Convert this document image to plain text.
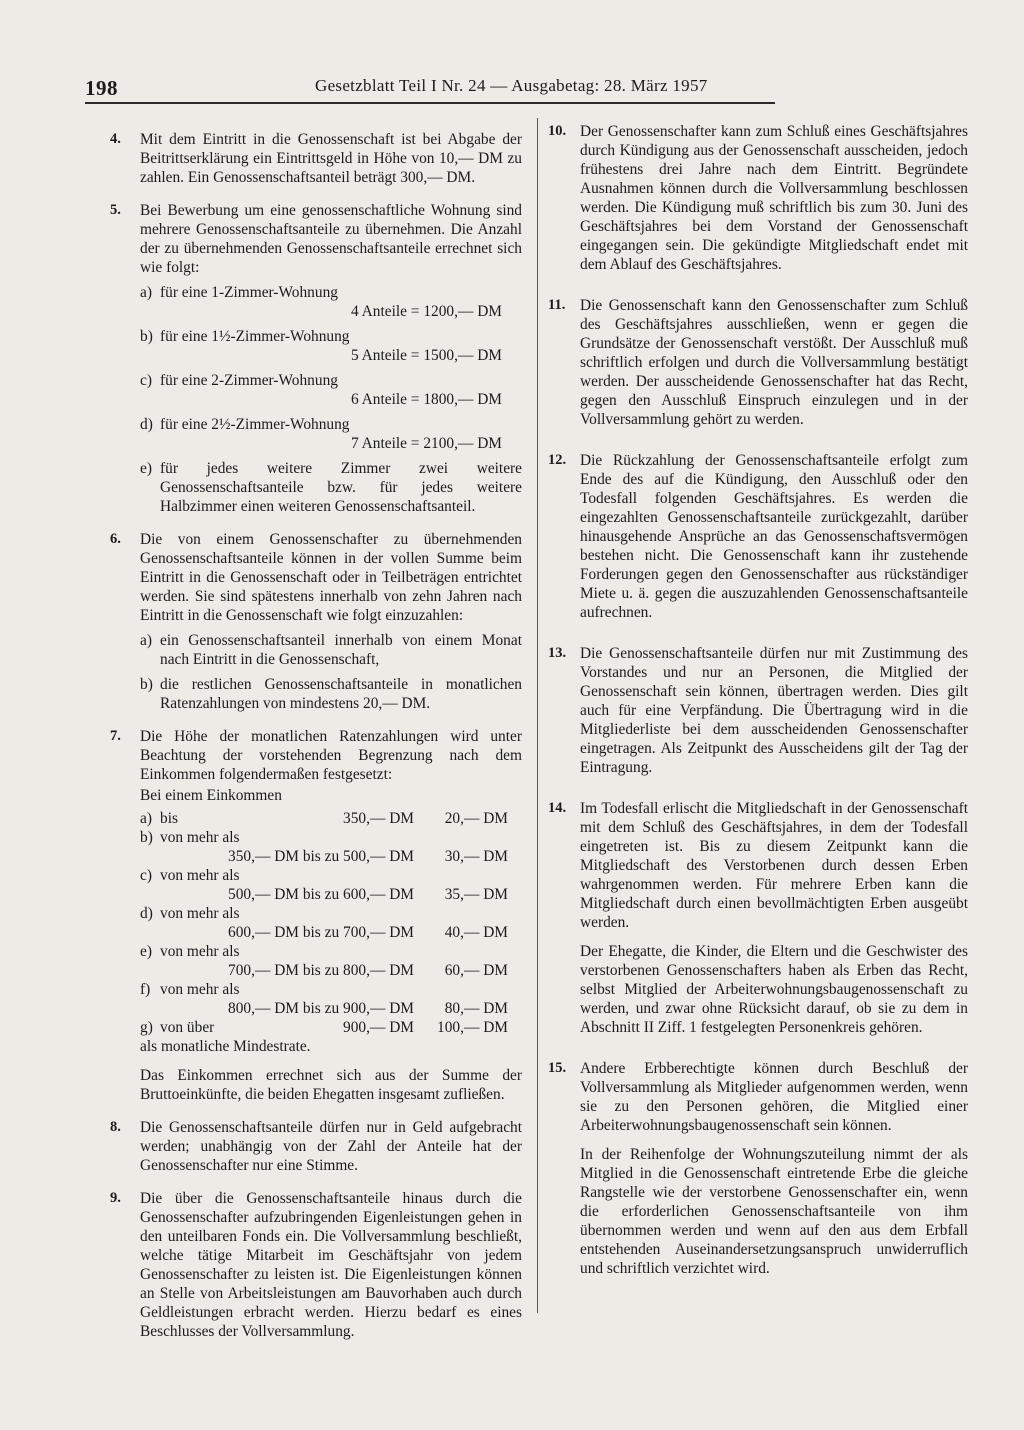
198	Gesetzblatt Teil I Nr. 24 — Ausgabetag: 28. März 1957
4.	Mit dem Eintritt in die Genossenschaft ist bei Abgabe der Beitrittserklärung ein Eintrittsgeld in Höhe von 10,— DM zu zahlen. Ein Genossenschaftsanteil beträgt 300,— DM.

5.	Bei Bewerbung um eine genossenschaftliche Wohnung sind mehrere Genossenschaftsanteile zu übernehmen. Die Anzahl der zu übernehmenden Genossenschaftsanteile errechnet sich wie folgt:

a) für eine 1-Zimmer-Wohnung

4 Anteile = 1200,— DM

b) für eine 1½-Zimmer-Wohnung

5 Anteile = 1500,— DM

c) für eine 2-Zimmer-Wohnung

6 Anteile = 1800,— DM

d) für eine 2½-Zimmer-Wohnung

7 Anteile = 2100,— DM

e) für jedes weitere Zimmer zwei weitere Genossenschaftsanteile bzw. für jedes weitere Halbzimmer einen weiteren Genossenschaftsanteil.

6.	Die von einem Genossenschafter zu übernehmenden Genossenschaftsanteile können in der vollen Summe beim Eintritt in die Genossenschaft oder in Teilbeträgen entrichtet werden. Sie sind spätestens innerhalb von zehn Jahren nach Eintritt in die Genossenschaft wie folgt einzuzahlen:

a) ein Genossenschaftsanteil innerhalb von einem Monat nach Eintritt in die Genossenschaft,

b) die restlichen Genossenschaftsanteile in monatlichen Ratenzahlungen von mindestens 20,— DM.

7.	Die Höhe der monatlichen Ratenzahlungen wird unter Beachtung der vorstehenden Begrenzung nach dem Einkommen folgendermaßen festgesetzt:

Bei einem Einkommen

a)	bis	350,— DM	20,— DM
b)	von mehr als		
		350,— DM bis zu 500,— DM	30,— DM
c)	von mehr als		
		500,— DM bis zu 600,— DM	35,— DM
d)	von mehr als		
		600,— DM bis zu 700,— DM	40,— DM
e)	von mehr als		
		700,— DM bis zu 800,— DM	60,— DM
f)	von mehr als		
		800,— DM bis zu 900,— DM	80,— DM
g)	von über	900,— DM	100,— DM

als monatliche Mindestrate.

Das Einkommen errechnet sich aus der Summe der Bruttoeinkünfte, die beiden Ehegatten insgesamt zufließen.

8.	Die Genossenschaftsanteile dürfen nur in Geld aufgebracht werden; unabhängig von der Zahl der Anteile hat der Genossenschafter nur eine Stimme.

9.	Die über die Genossenschaftsanteile hinaus durch die Genossenschafter aufzubringenden Eigenleistungen gehen in den unteilbaren Fonds ein. Die Vollversammlung beschließt, welche tätige Mitarbeit im Geschäftsjahr von jedem Genossenschafter zu leisten ist. Die Eigenleistungen können an Stelle von Arbeitsleistungen am Bauvorhaben auch durch Geldleistungen erbracht werden. Hierzu bedarf es eines Beschlusses der Vollversammlung.

10. Der Genossenschafter kann zum Schluß eines Geschäftsjahres durch Kündigung aus der Genossenschaft ausscheiden, jedoch frühestens drei Jahre nach dem Eintritt. Begründete Ausnahmen können durch die Vollversammlung beschlossen werden. Die Kündigung muß schriftlich bis zum 30. Juni des Geschäftsjahres bei dem Vorstand der Genossenschaft eingegangen sein. Die gekündigte Mitgliedschaft endet mit dem Ablauf des Geschäftsjahres.

11. Die Genossenschaft kann den Genossenschafter zum Schluß des Geschäftsjahres ausschließen, wenn er gegen die Grundsätze der Genossenschaft verstößt. Der Ausschluß muß schriftlich erfolgen und durch die Vollversammlung bestätigt werden. Der ausscheidende Genossenschafter hat das Recht, gegen den Ausschluß Einspruch einzulegen und in der Vollversammlung gehört zu werden.

12. Die Rückzahlung der Genossenschaftsanteile erfolgt zum Ende des auf die Kündigung, den Ausschluß oder den Todesfall folgenden Geschäftsjahres. Es werden die eingezahlten Genossenschaftsanteile zurückgezahlt, darüber hinausgehende Ansprüche an das Genossenschaftsvermögen bestehen nicht. Die Genossenschaft kann ihr zustehende Forderungen gegen den Genossenschafter aus rückständiger Miete u. ä. gegen die auszuzahlenden Genossenschaftsanteile aufrechnen.

13. Die Genossenschaftsanteile dürfen nur mit Zustimmung des Vorstandes und nur an Personen, die Mitglied der Genossenschaft sein können, übertragen werden. Dies gilt auch für eine Verpfändung. Die Übertragung wird in die Mitgliederliste bei dem ausscheidenden Genossenschafter eingetragen. Als Zeitpunkt des Ausscheidens gilt der Tag der Eintragung.

14. Im Todesfall erlischt die Mitgliedschaft in der Genossenschaft mit dem Schluß des Geschäftsjahres, in dem der Todesfall eingetreten ist. Bis zu diesem Zeitpunkt kann die Mitgliedschaft des Verstorbenen durch dessen Erben wahrgenommen werden. Für mehrere Erben kann die Mitgliedschaft durch einen bevollmächtigten Erben ausgeübt werden.

Der Ehegatte, die Kinder, die Eltern und die Geschwister des verstorbenen Genossenschafters haben als Erben das Recht, selbst Mitglied der Arbeiterwohnungsbaugenossenschaft zu werden, und zwar ohne Rücksicht darauf, ob sie zu dem in Abschnitt II Ziff. 1 festgelegten Personenkreis gehören.

15. Andere Erbberechtigte können durch Beschluß der Vollversammlung als Mitglieder aufgenommen werden, wenn sie zu den Personen gehören, die Mitglied einer Arbeiterwohnungsbaugenossenschaft sein können.

In der Reihenfolge der Wohnungszuteilung nimmt der als Mitglied in die Genossenschaft eintretende Erbe die gleiche Rangstelle wie der verstorbene Genossenschafter ein, wenn die erforderlichen Genossenschaftsanteile von ihm übernommen werden und wenn auf den aus dem Erbfall entstehenden Auseinandersetzungsanspruch unwiderruflich und schriftlich verzichtet wird.
